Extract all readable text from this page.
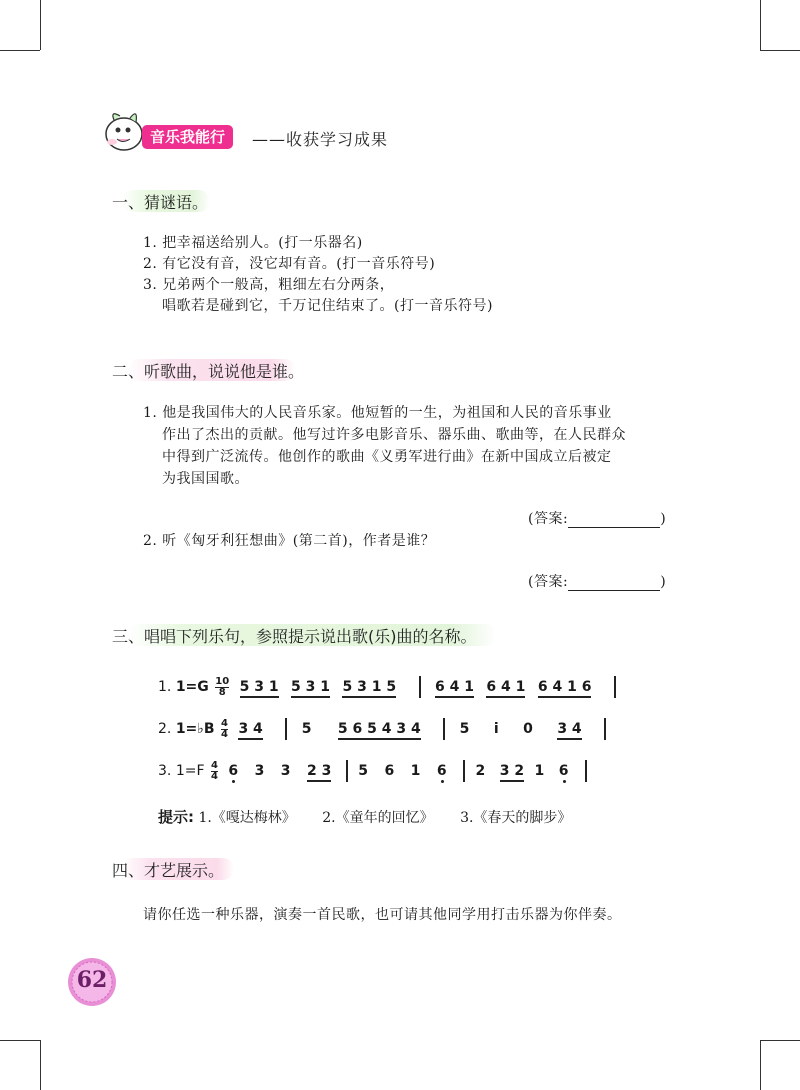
音乐我能行	——收获学习成果
一、猜谜语。
1. 把幸福送给别人。(打一乐器名)
2. 有它没有音，没它却有音。(打一音乐符号)
3. 兄弟两个一般高，粗细左右分两条，
唱歌若是碰到它，千万记住结束了。(打一音乐符号)
二、听歌曲，说说他是谁。
1. 他是我国伟大的人民音乐家。他短暂的一生，为祖国和人民的音乐事业
作出了杰出的贡献。他写过许多电影音乐、器乐曲、歌曲等，在人民群众
中得到广泛流传。他创作的歌曲《义勇军进行曲》在新中国成立后被定
为我国国歌。
(答案:	)
2. 听《匈牙利狂想曲》(第二首)，作者是谁？
(答案:	)
三、唱唱下列乐句，参照提示说出歌(乐)曲的名称。
1. $1=G \frac{10}{8} 5$ 3 1 5 3 1 5 3 1 5	6 4 1 6 4 1 6 4 1 6
2. 1=♭B $\frac{4}{4} 3$ 4	5 5 6 5 4 3 4	5 i 0 3 4
3. $1=F \frac{4}{4} 6$ 3 3 2 3 5 6 1 6 2 3 2 1 6
提示: 1.《嘎达梅林》 2.《童年的回忆》 3.《春天的脚步》
四、才艺展示。
请你任选一种乐器，演奏一首民歌，也可请其他同学用打击乐器为你伴奏。
62
